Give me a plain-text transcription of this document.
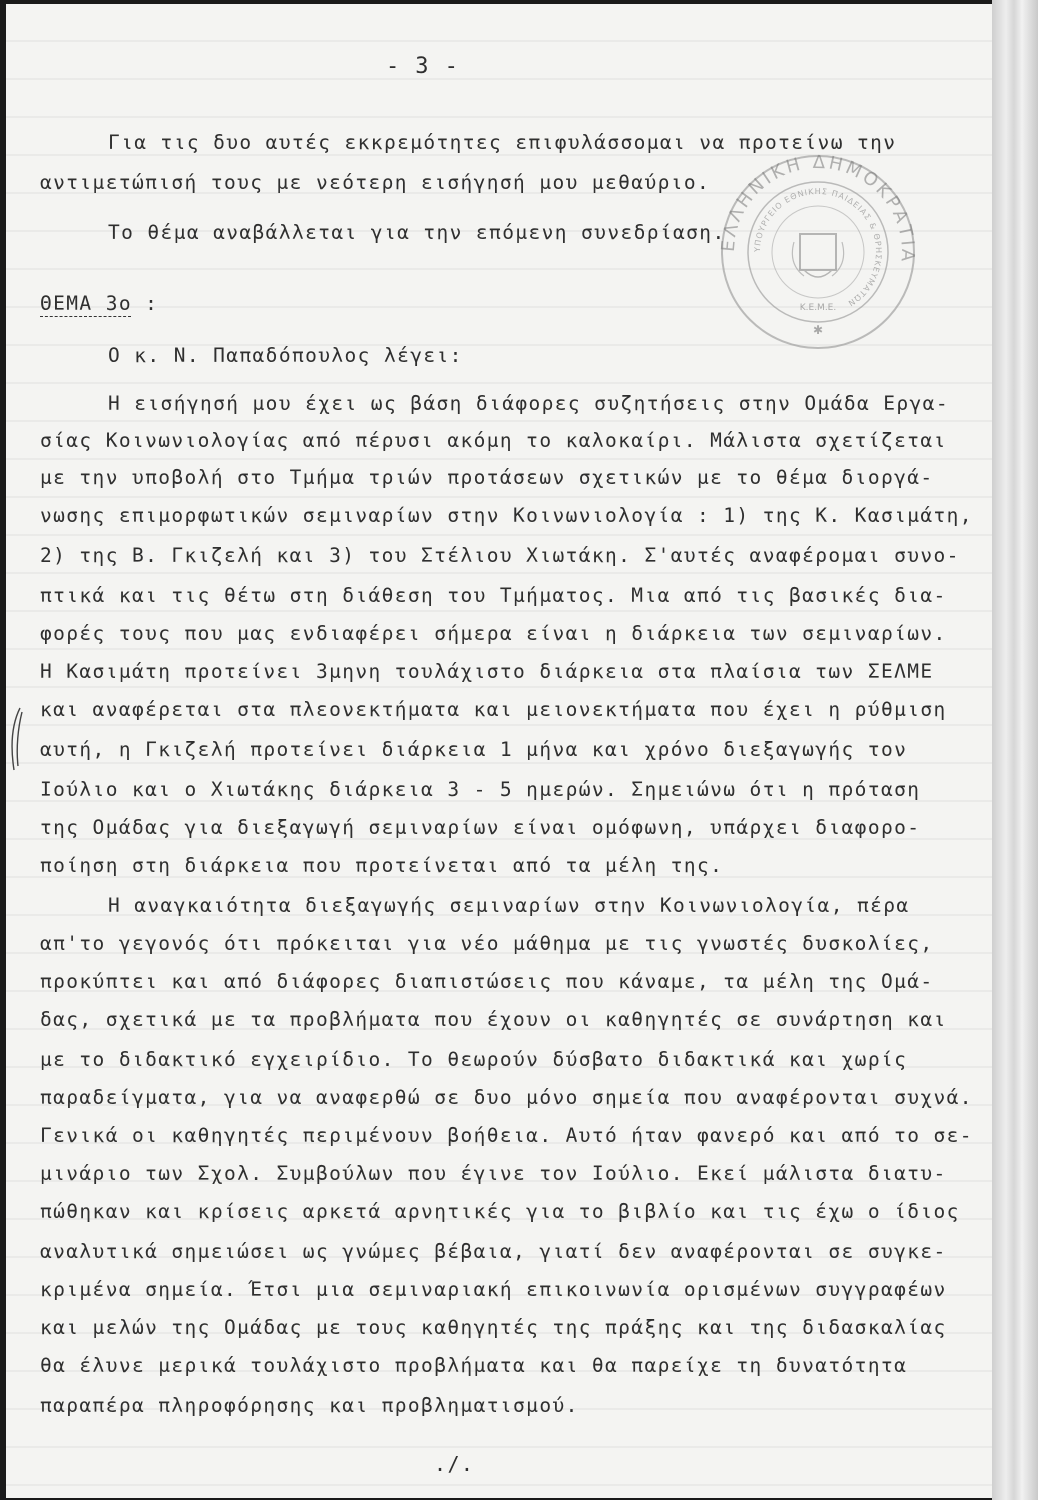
- 3 -
Για τις δυο αυτές εκκρεμότητες επιφυλάσσομαι να προτείνω την
αντιμετώπισή τους με νεότερη εισήγησή μου μεθαύριο.
Το θέμα αναβάλλεται για την επόμενη συνεδρίαση.
ΘΕΜΑ 3ο :
Ο κ. Ν. Παπαδόπουλος λέγει:
Η εισήγησή μου έχει ως βάση διάφορες συζητήσεις στην Ομάδα Εργα-
σίας Κοινωνιολογίας από πέρυσι ακόμη το καλοκαίρι. Μάλιστα σχετίζεται
με την υποβολή στο Τμήμα τριών προτάσεων σχετικών με το θέμα διοργά-
νωσης επιμορφωτικών σεμιναρίων στην Κοινωνιολογία : 1) της Κ. Κασιμάτη,
2) της Β. Γκιζελή και 3) του Στέλιου Χιωτάκη. Σ'αυτές αναφέρομαι συνο-
πτικά και τις θέτω στη διάθεση του Τμήματος. Μια από τις βασικές δια-
φορές τους που μας ενδιαφέρει σήμερα είναι η διάρκεια των σεμιναρίων.
Η Κασιμάτη προτείνει 3μηνη τουλάχιστο διάρκεια στα πλαίσια των ΣΕΛΜΕ
και αναφέρεται στα πλεονεκτήματα και μειονεκτήματα που έχει η ρύθμιση
αυτή, η Γκιζελή προτείνει διάρκεια 1 μήνα και χρόνο διεξαγωγής τον
Ιούλιο και ο Χιωτάκης διάρκεια 3 - 5 ημερών. Σημειώνω ότι η πρόταση
της Ομάδας για διεξαγωγή σεμιναρίων είναι ομόφωνη, υπάρχει διαφορο-
ποίηση στη διάρκεια που προτείνεται από τα μέλη της.
Η αναγκαιότητα διεξαγωγής σεμιναρίων στην Κοινωνιολογία, πέρα
απ'το γεγονός ότι πρόκειται για νέο μάθημα με τις γνωστές δυσκολίες,
προκύπτει και από διάφορες διαπιστώσεις που κάναμε, τα μέλη της Ομά-
δας, σχετικά με τα προβλήματα που έχουν οι καθηγητές σε συνάρτηση και
με το διδακτικό εγχειρίδιο. Το θεωρούν δύσβατο διδακτικά και χωρίς
παραδείγματα, για να αναφερθώ σε δυο μόνο σημεία που αναφέρονται συχνά.
Γενικά οι καθηγητές περιμένουν βοήθεια. Αυτό ήταν φανερό και από το σε-
μινάριο των Σχολ. Συμβούλων που έγινε τον Ιούλιο. Εκεί μάλιστα διατυ-
πώθηκαν και κρίσεις αρκετά αρνητικές για το βιβλίο και τις έχω ο ίδιος
αναλυτικά σημειώσει ως γνώμες βέβαια, γιατί δεν αναφέρονται σε συγκε-
κριμένα σημεία. Έτσι μια σεμιναριακή επικοινωνία ορισμένων συγγραφέων
και μελών της Ομάδας με τους καθηγητές της πράξης και της διδασκαλίας
θα έλυνε μερικά τουλάχιστο προβλήματα και θα παρείχε τη δυνατότητα
παραπέρα πληροφόρησης και προβληματισμού.
./.
ΕΛΛΗΝΙΚΗ ΔΗΜΟΚΡΑΤΙΑ
ΥΠΟΥΡΓΕΙΟ ΕΘΝΙΚΗΣ ΠΑΙΔΕΙΑΣ & ΘΡΗΣΚΕΥΜΑΤΩΝ
Κ.Ε.Μ.Ε.
✱
